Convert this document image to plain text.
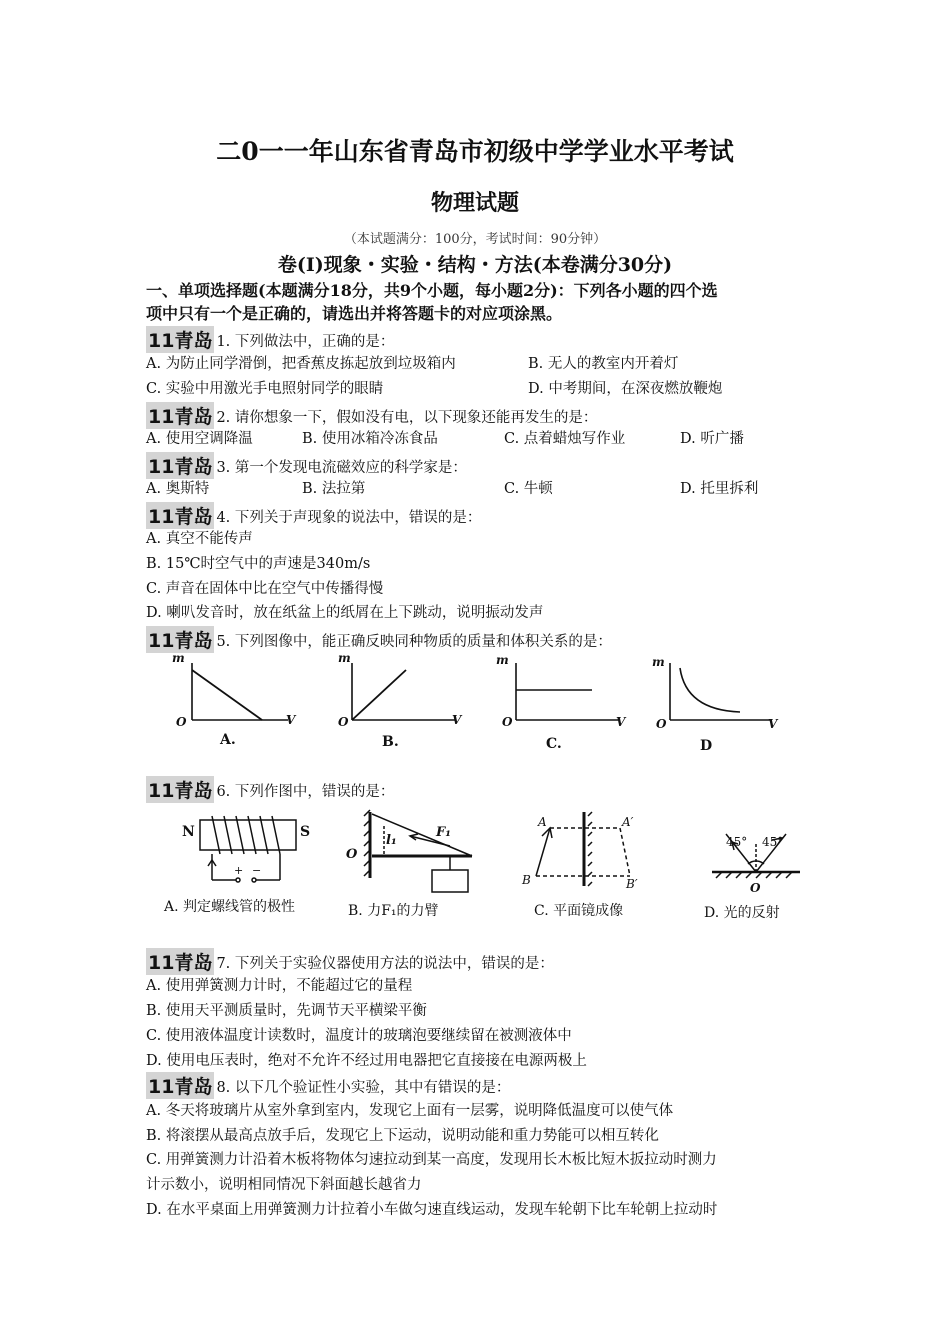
二0一一年山东省青岛市初级中学学业水平考试
物理试题
（本试题满分：100分，考试时间：90分钟）
卷(I)现象・实验・结构・方法(本卷满分30分)
一、单项选择题(本题满分18分，共9个小题，每小题2分)：下列各小题的四个选
项中只有一个是正确的，请选出并将答题卡的对应项涂黑。
11青岛 1. 下列做法中，正确的是：
A. 为防止同学滑倒，把香蕉皮拣起放到垃圾箱内	B. 无人的教室内开着灯
C. 实验中用激光手电照射同学的眼睛	D. 中考期间，在深夜燃放鞭炮
11青岛 2. 请你想象一下，假如没有电，以下现象还能再发生的是：
A. 使用空调降温	B. 使用冰箱冷冻食品	C. 点着蜡烛写作业	D. 听广播
11青岛 3. 第一个发现电流磁效应的科学家是：
A. 奥斯特	B. 法拉第	C. 牛顿	D. 托里拆利
11青岛 4. 下列关于声现象的说法中，错误的是：
A. 真空不能传声
B. 15℃时空气中的声速是340m/s
C. 声音在固体中比在空气中传播得慢
D. 喇叭发音时，放在纸盆上的纸屑在上下跳动，说明振动发声
11青岛 5. 下列图像中，能正确反映同种物质的质量和体积关系的是：
m
O	V
m
O	V
m
O	V
m
O	V
A.	B.	C.	D
11青岛 6. 下列作图中，错误的是：
N	S
+ −
O
l₁
F₁
A	A′
B	B′
45° 45°
O
A. 判定螺线管的极性	B. 力F₁的力臂	C. 平面镜成像	D. 光的反射
11青岛 7. 下列关于实验仪器使用方法的说法中，错误的是：
A. 使用弹簧测力计时，不能超过它的量程
B. 使用天平测质量时，先调节天平横梁平衡
C. 使用液体温度计读数时，温度计的玻璃泡要继续留在被测液体中
D. 使用电压表时，绝对不允许不经过用电器把它直接接在电源两极上
11青岛 8. 以下几个验证性小实验，其中有错误的是：
A. 冬天将玻璃片从室外拿到室内，发现它上面有一层雾，说明降低温度可以使气体
B. 将滚摆从最高点放手后，发现它上下运动，说明动能和重力势能可以相互转化
C. 用弹簧测力计沿着木板将物体匀速拉动到某一高度，发现用长木板比短木扳拉动时测力
计示数小，说明相同情况下斜面越长越省力
D. 在水平桌面上用弹簧测力计拉着小车做匀速直线运动，发现车轮朝下比车轮朝上拉动时
